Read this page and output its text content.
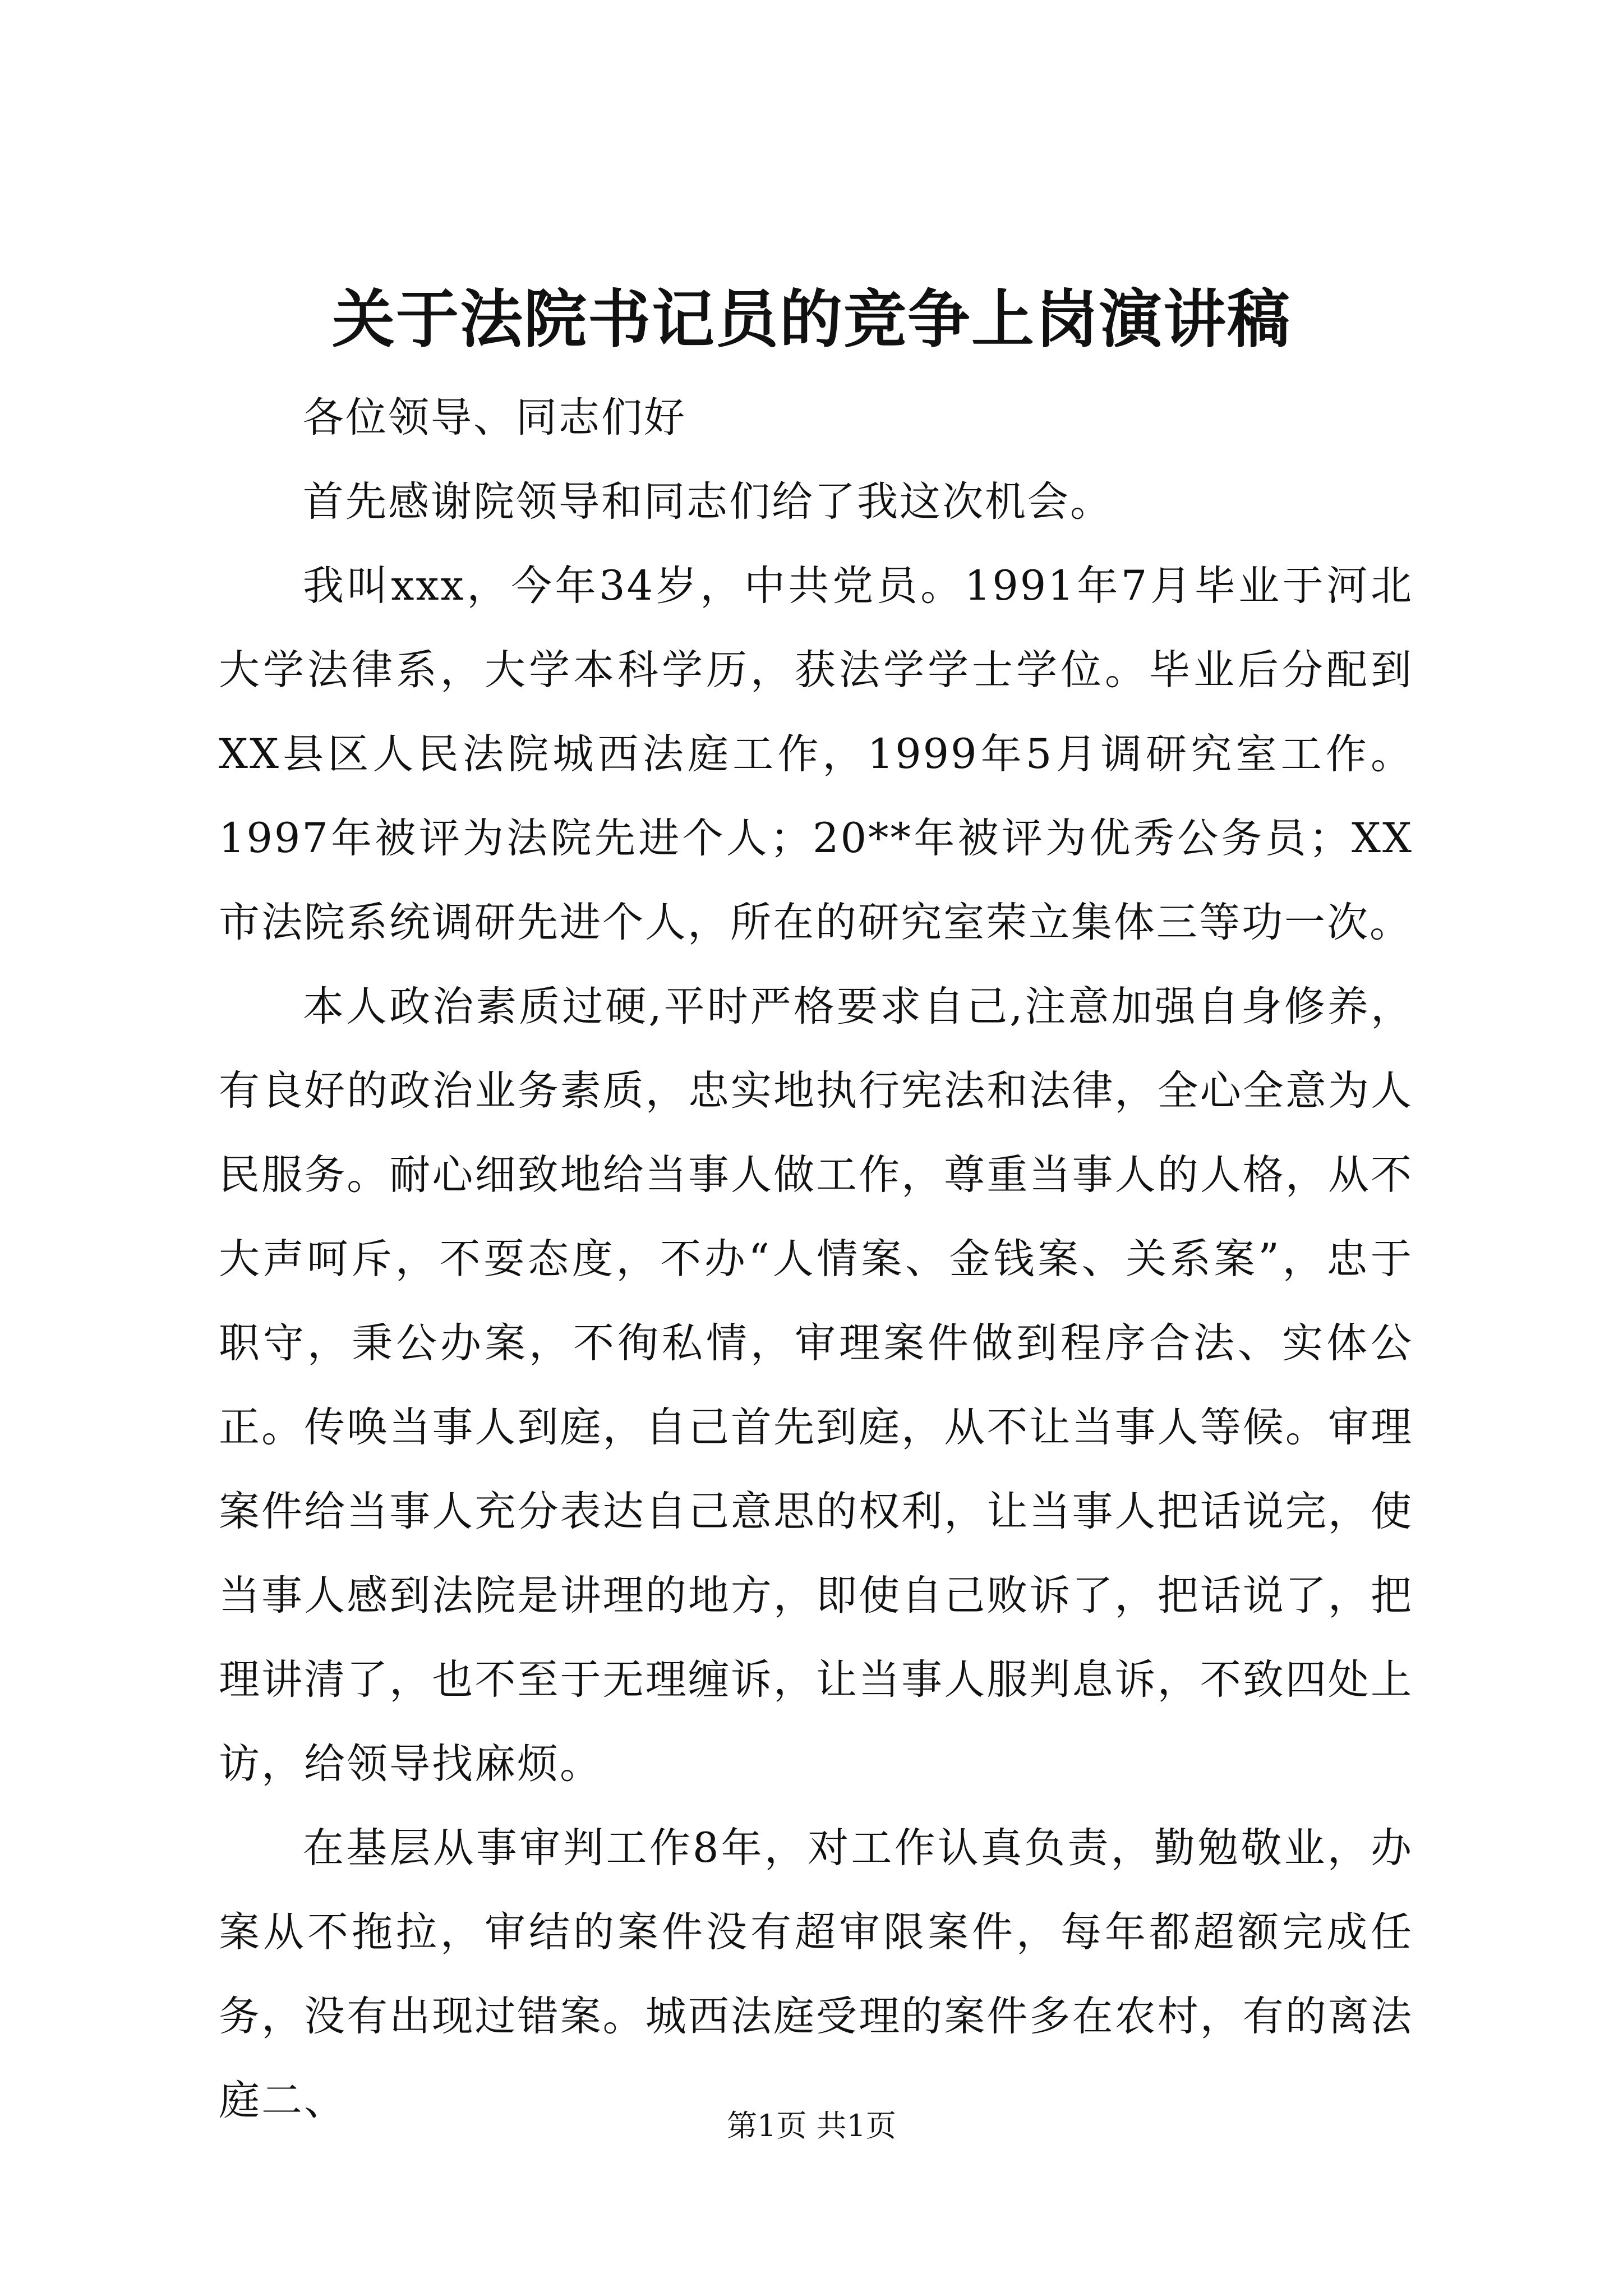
关于法院书记员的竞争上岗演讲稿

各位领导、同志们好

首先感谢院领导和同志们给了我这次机会。

我叫xxx，今年34岁，中共党员。1991年7月毕业于河北大学法律系，大学本科学历，获法学学士学位。毕业后分配到XX县区人民法院城西法庭工作，1999年5月调研究室工作。1997年被评为法院先进个人；20**年被评为优秀公务员；XX市法院系统调研先进个人，所在的研究室荣立集体三等功一次。

本人政治素质过硬,平时严格要求自己,注意加强自身修养，有良好的政治业务素质，忠实地执行宪法和法律，全心全意为人民服务。耐心细致地给当事人做工作，尊重当事人的人格，从不大声呵斥，不耍态度，不办“人情案、金钱案、关系案”，忠于职守，秉公办案，不徇私情，审理案件做到程序合法、实体公正。传唤当事人到庭，自己首先到庭，从不让当事人等候。审理案件给当事人充分表达自己意思的权利，让当事人把话说完，使当事人感到法院是讲理的地方，即使自己败诉了，把话说了，把理讲清了，也不至于无理缠诉，让当事人服判息诉，不致四处上访，给领导找麻烦。

在基层从事审判工作8年，对工作认真负责，勤勉敬业，办案从不拖拉，审结的案件没有超审限案件，每年都超额完成任务，没有出现过错案。城西法庭受理的案件多在农村，有的离法庭二、

第1页 共1页
